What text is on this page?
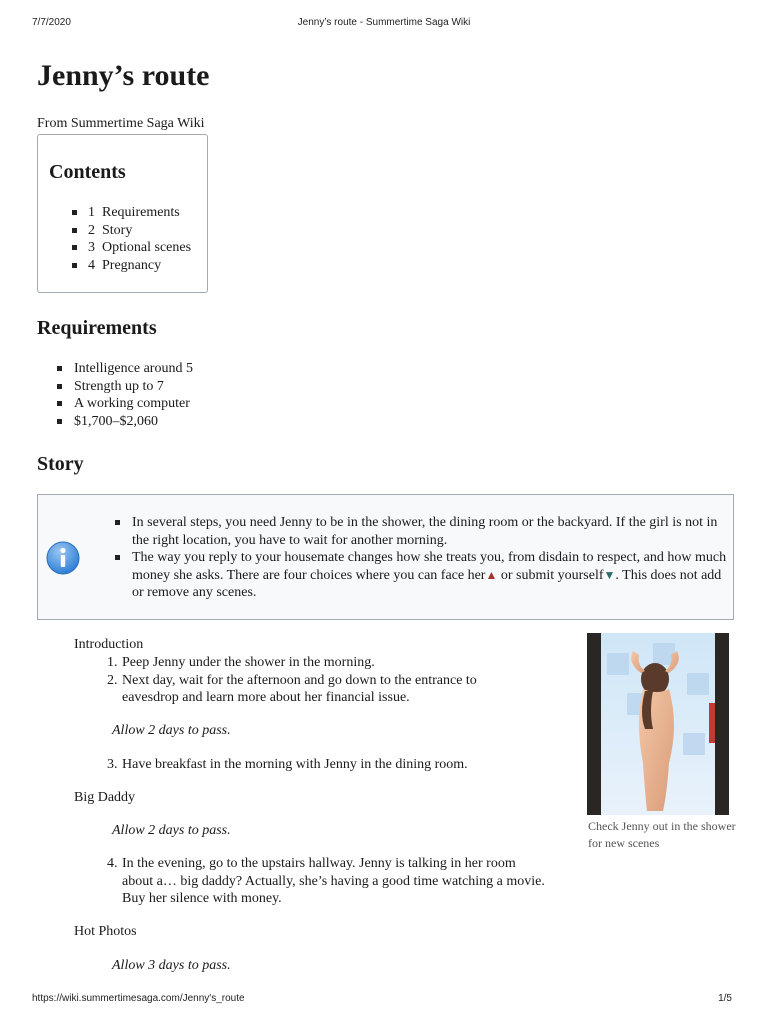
7/7/2020	Jenny’s route - Summertime Saga Wiki
Jenny’s route
From Summertime Saga Wiki
Contents
1 Requirements
2 Story
3 Optional scenes
4 Pregnancy
Requirements
Intelligence around 5
Strength up to 7
A working computer
$1,700–$2,060
Story
In several steps, you need Jenny to be in the shower, the dining room or the backyard. If the girl is not in the right location, you have to wait for another morning.
The way you reply to your housemate changes how she treats you, from disdain to respect, and how much money she asks. There are four choices where you can face her▲ or submit yourself▼. This does not add or remove any scenes.
Introduction
1. Peep Jenny under the shower in the morning.
2. Next day, wait for the afternoon and go down to the entrance to eavesdrop and learn more about her financial issue.
Allow 2 days to pass.
3. Have breakfast in the morning with Jenny in the dining room.
Big Daddy
Allow 2 days to pass.
4. In the evening, go to the upstairs hallway. Jenny is talking in her room about a… big daddy? Actually, she’s having a good time watching a movie. Buy her silence with money.
Hot Photos
Allow 3 days to pass.
Check Jenny out in the shower for new scenes
https://wiki.summertimesaga.com/Jenny's_route	1/5
